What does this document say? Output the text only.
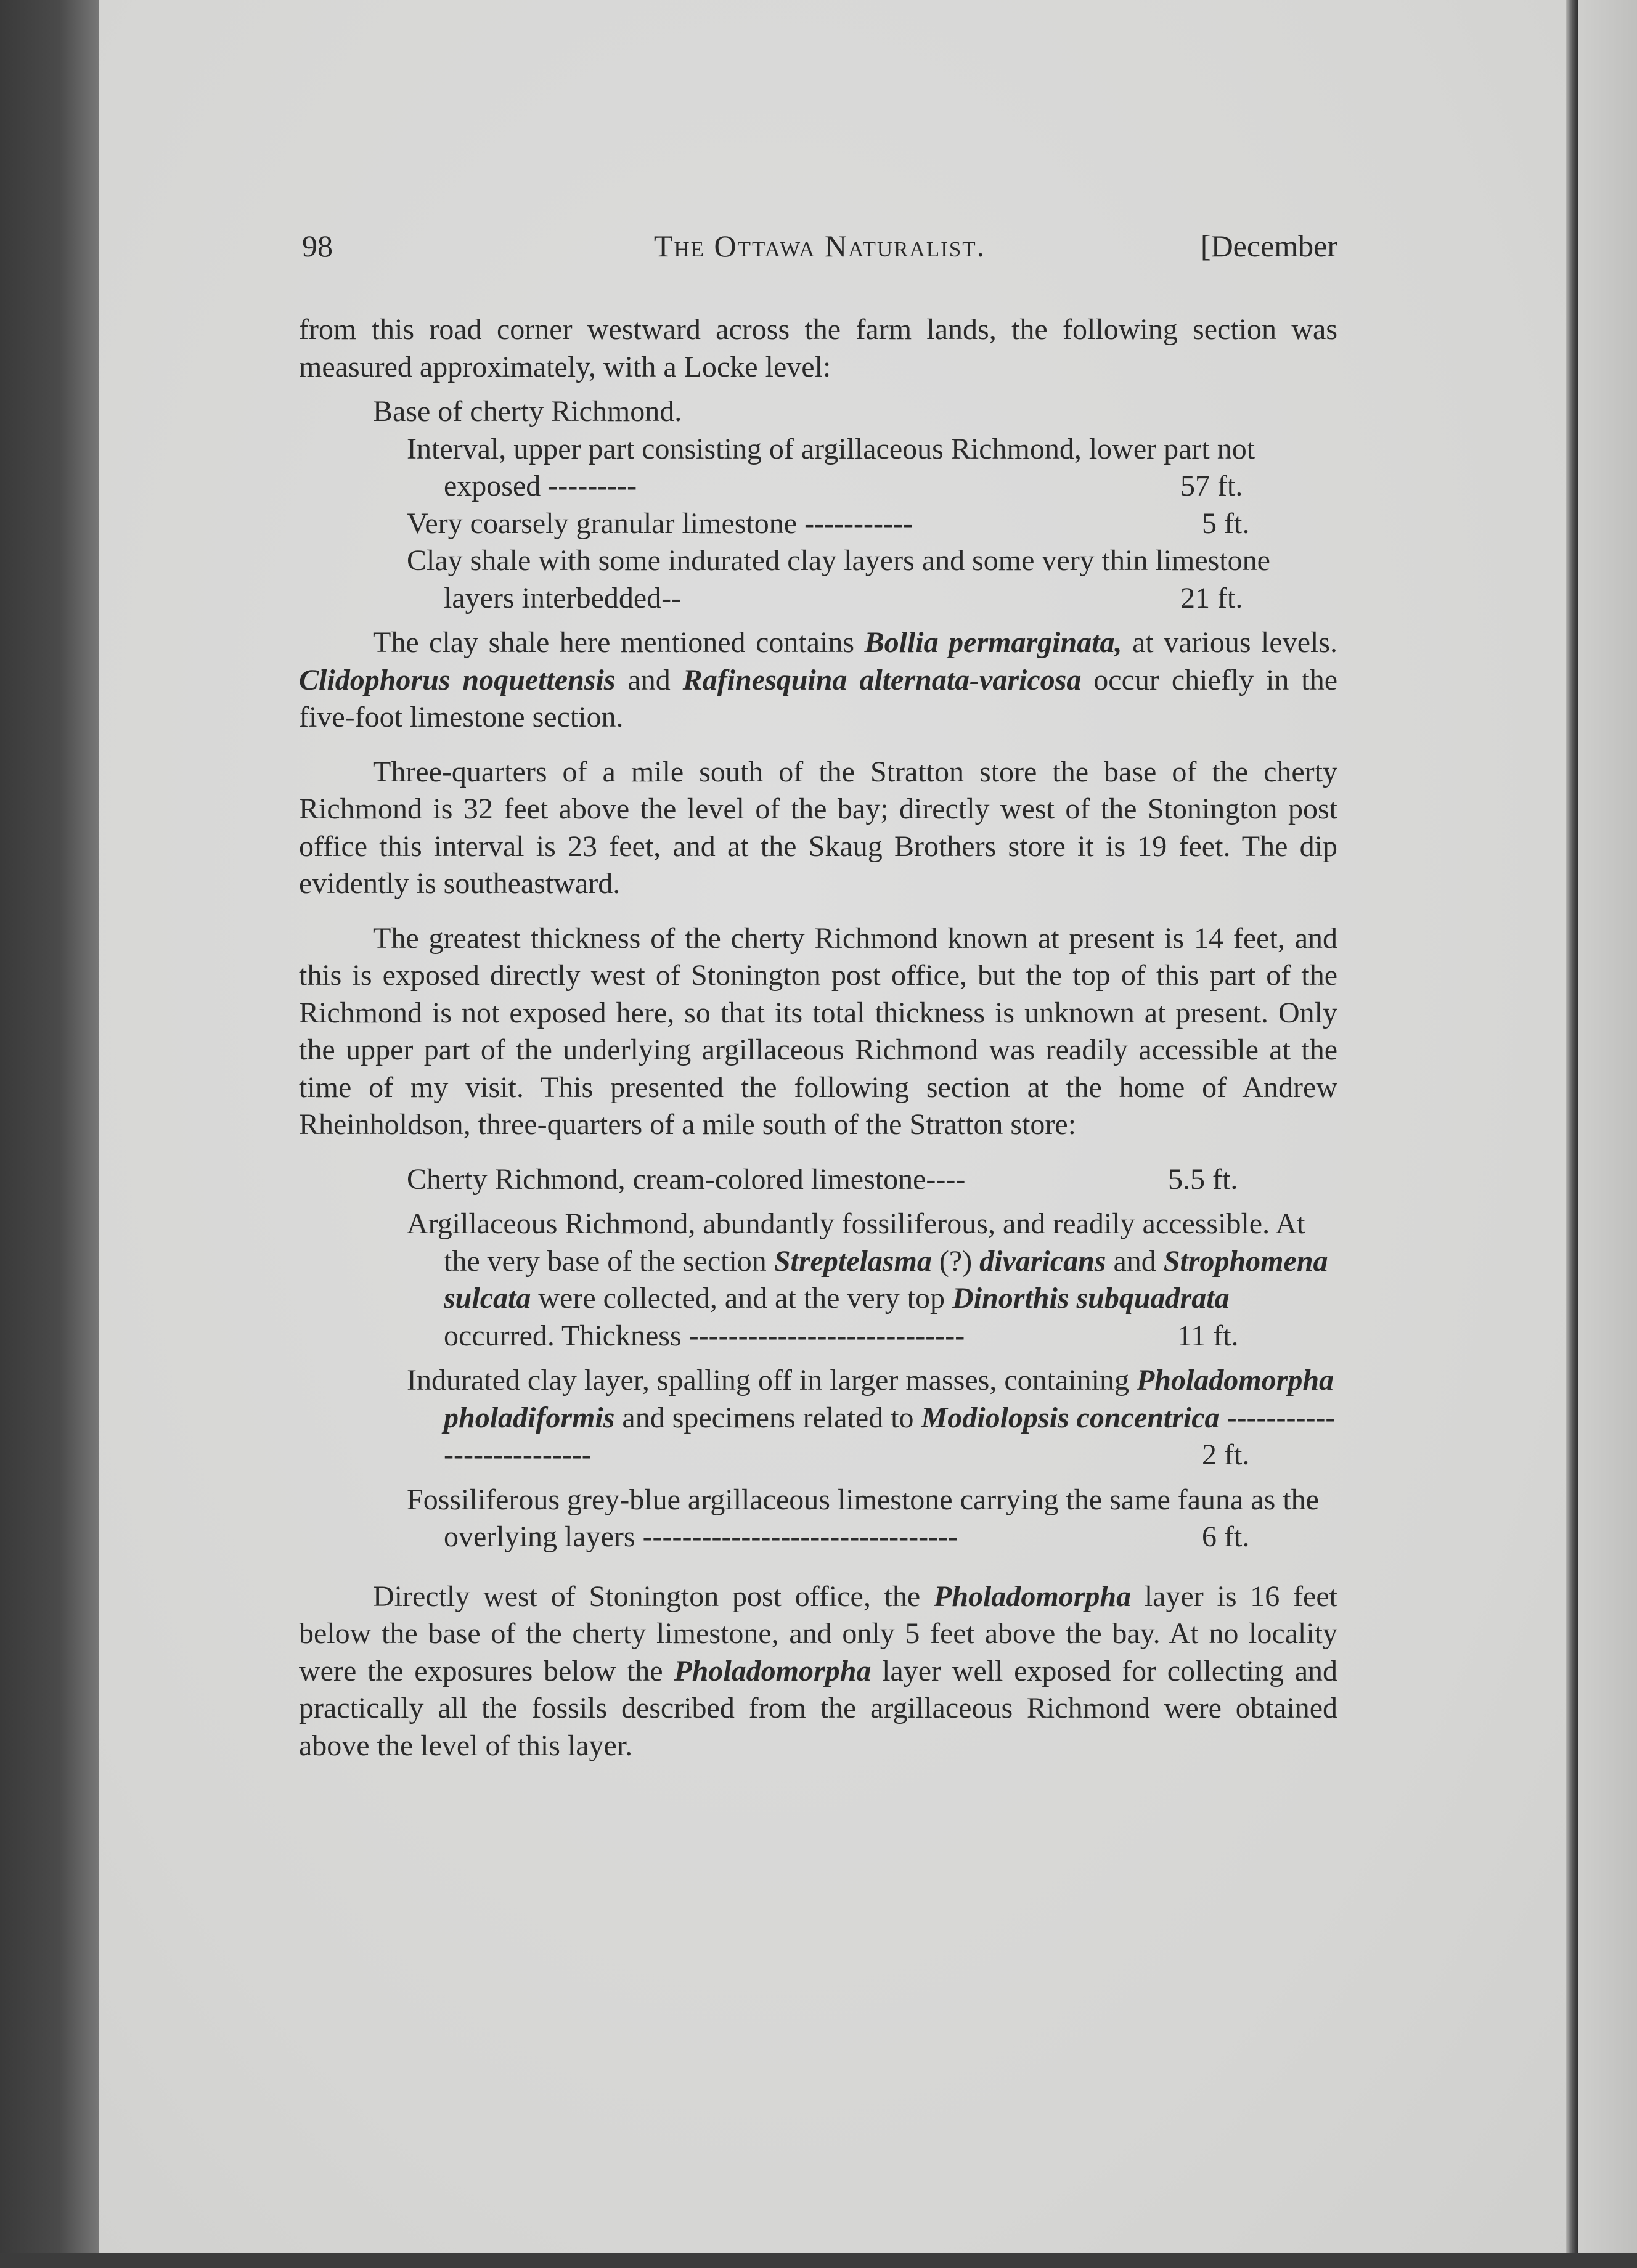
98	The Ottawa Naturalist.	[December

from this road corner westward across the farm lands, the following section was measured approximately, with a Locke level:

Base of cherty Richmond.
Interval, upper part consisting of argillaceous Richmond, lower part not exposed ---------	57 ft.
Very coarsely granular limestone -----------	5 ft.
Clay shale with some indurated clay layers and some very thin limestone layers interbedded--	21 ft.

The clay shale here mentioned contains Bollia permarginata, at various levels. Clidophorus noquettensis and Rafinesquina alternata-varicosa occur chiefly in the five-foot limestone section.

Three-quarters of a mile south of the Stratton store the base of the cherty Richmond is 32 feet above the level of the bay; directly west of the Stonington post office this interval is 23 feet, and at the Skaug Brothers store it is 19 feet. The dip evidently is southeastward.

The greatest thickness of the cherty Richmond known at present is 14 feet, and this is exposed directly west of Stonington post office, but the top of this part of the Richmond is not exposed here, so that its total thickness is unknown at present. Only the upper part of the underlying argillaceous Richmond was readily accessible at the time of my visit. This presented the following section at the home of Andrew Rheinholdson, three-quarters of a mile south of the Stratton store:

Cherty Richmond, cream-colored limestone----	5.5 ft.
Argillaceous Richmond, abundantly fossiliferous, and readily accessible. At the very base of the section Streptelasma (?) divaricans and Strophomena sulcata were collected, and at the very top Dinorthis subquadrata occurred. Thickness ----------------------------	11 ft.
Indurated clay layer, spalling off in larger masses, containing Pholadomorpha pholadiformis and specimens related to Modiolopsis concentrica --------------------------	2 ft.
Fossiliferous grey-blue argillaceous limestone carrying the same fauna as the overlying layers --------------------------------	6 ft.

Directly west of Stonington post office, the Pholadomorpha layer is 16 feet below the base of the cherty limestone, and only 5 feet above the bay. At no locality were the exposures below the Pholadomorpha layer well exposed for collecting and practically all the fossils described from the argillaceous Richmond were obtained above the level of this layer.
